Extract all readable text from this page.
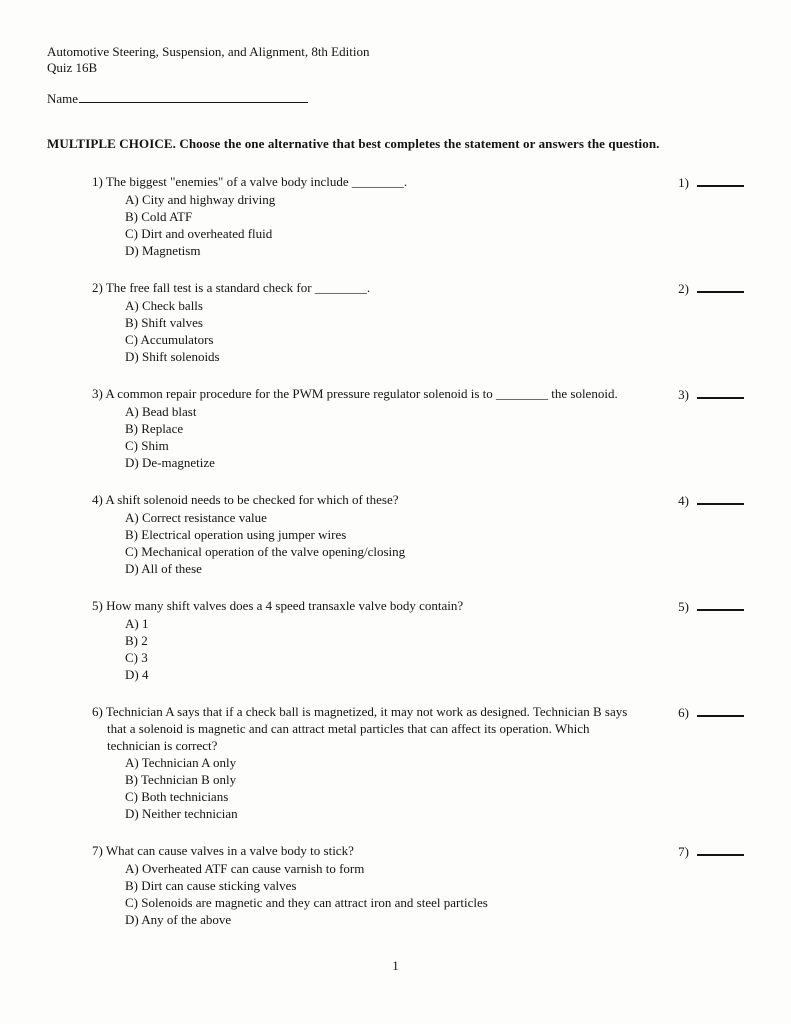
Automotive Steering, Suspension, and Alignment, 8th Edition
Quiz 16B
Name
MULTIPLE CHOICE. Choose the one alternative that best completes the statement or answers the question.
1) The biggest "enemies" of a valve body include ________.	1)
A) City and highway driving
B) Cold ATF
C) Dirt and overheated fluid
D) Magnetism
2) The free fall test is a standard check for ________.	2)
A) Check balls
B) Shift valves
C) Accumulators
D) Shift solenoids
3) A common repair procedure for the PWM pressure regulator solenoid is to ________ the solenoid.	3)
A) Bead blast
B) Replace
C) Shim
D) De-magnetize
4) A shift solenoid needs to be checked for which of these?	4)
A) Correct resistance value
B) Electrical operation using jumper wires
C) Mechanical operation of the valve opening/closing
D) All of these
5) How many shift valves does a 4 speed transaxle valve body contain?	5)
A) 1
B) 2
C) 3
D) 4
6) Technician A says that if a check ball is magnetized, it may not work as designed. Technician B says that a solenoid is magnetic and can attract metal particles that can affect its operation. Which technician is correct?
6)
A) Technician A only
B) Technician B only
C) Both technicians
D) Neither technician
7) What can cause valves in a valve body to stick?	7)
A) Overheated ATF can cause varnish to form
B) Dirt can cause sticking valves
C) Solenoids are magnetic and they can attract iron and steel particles
D) Any of the above
1
